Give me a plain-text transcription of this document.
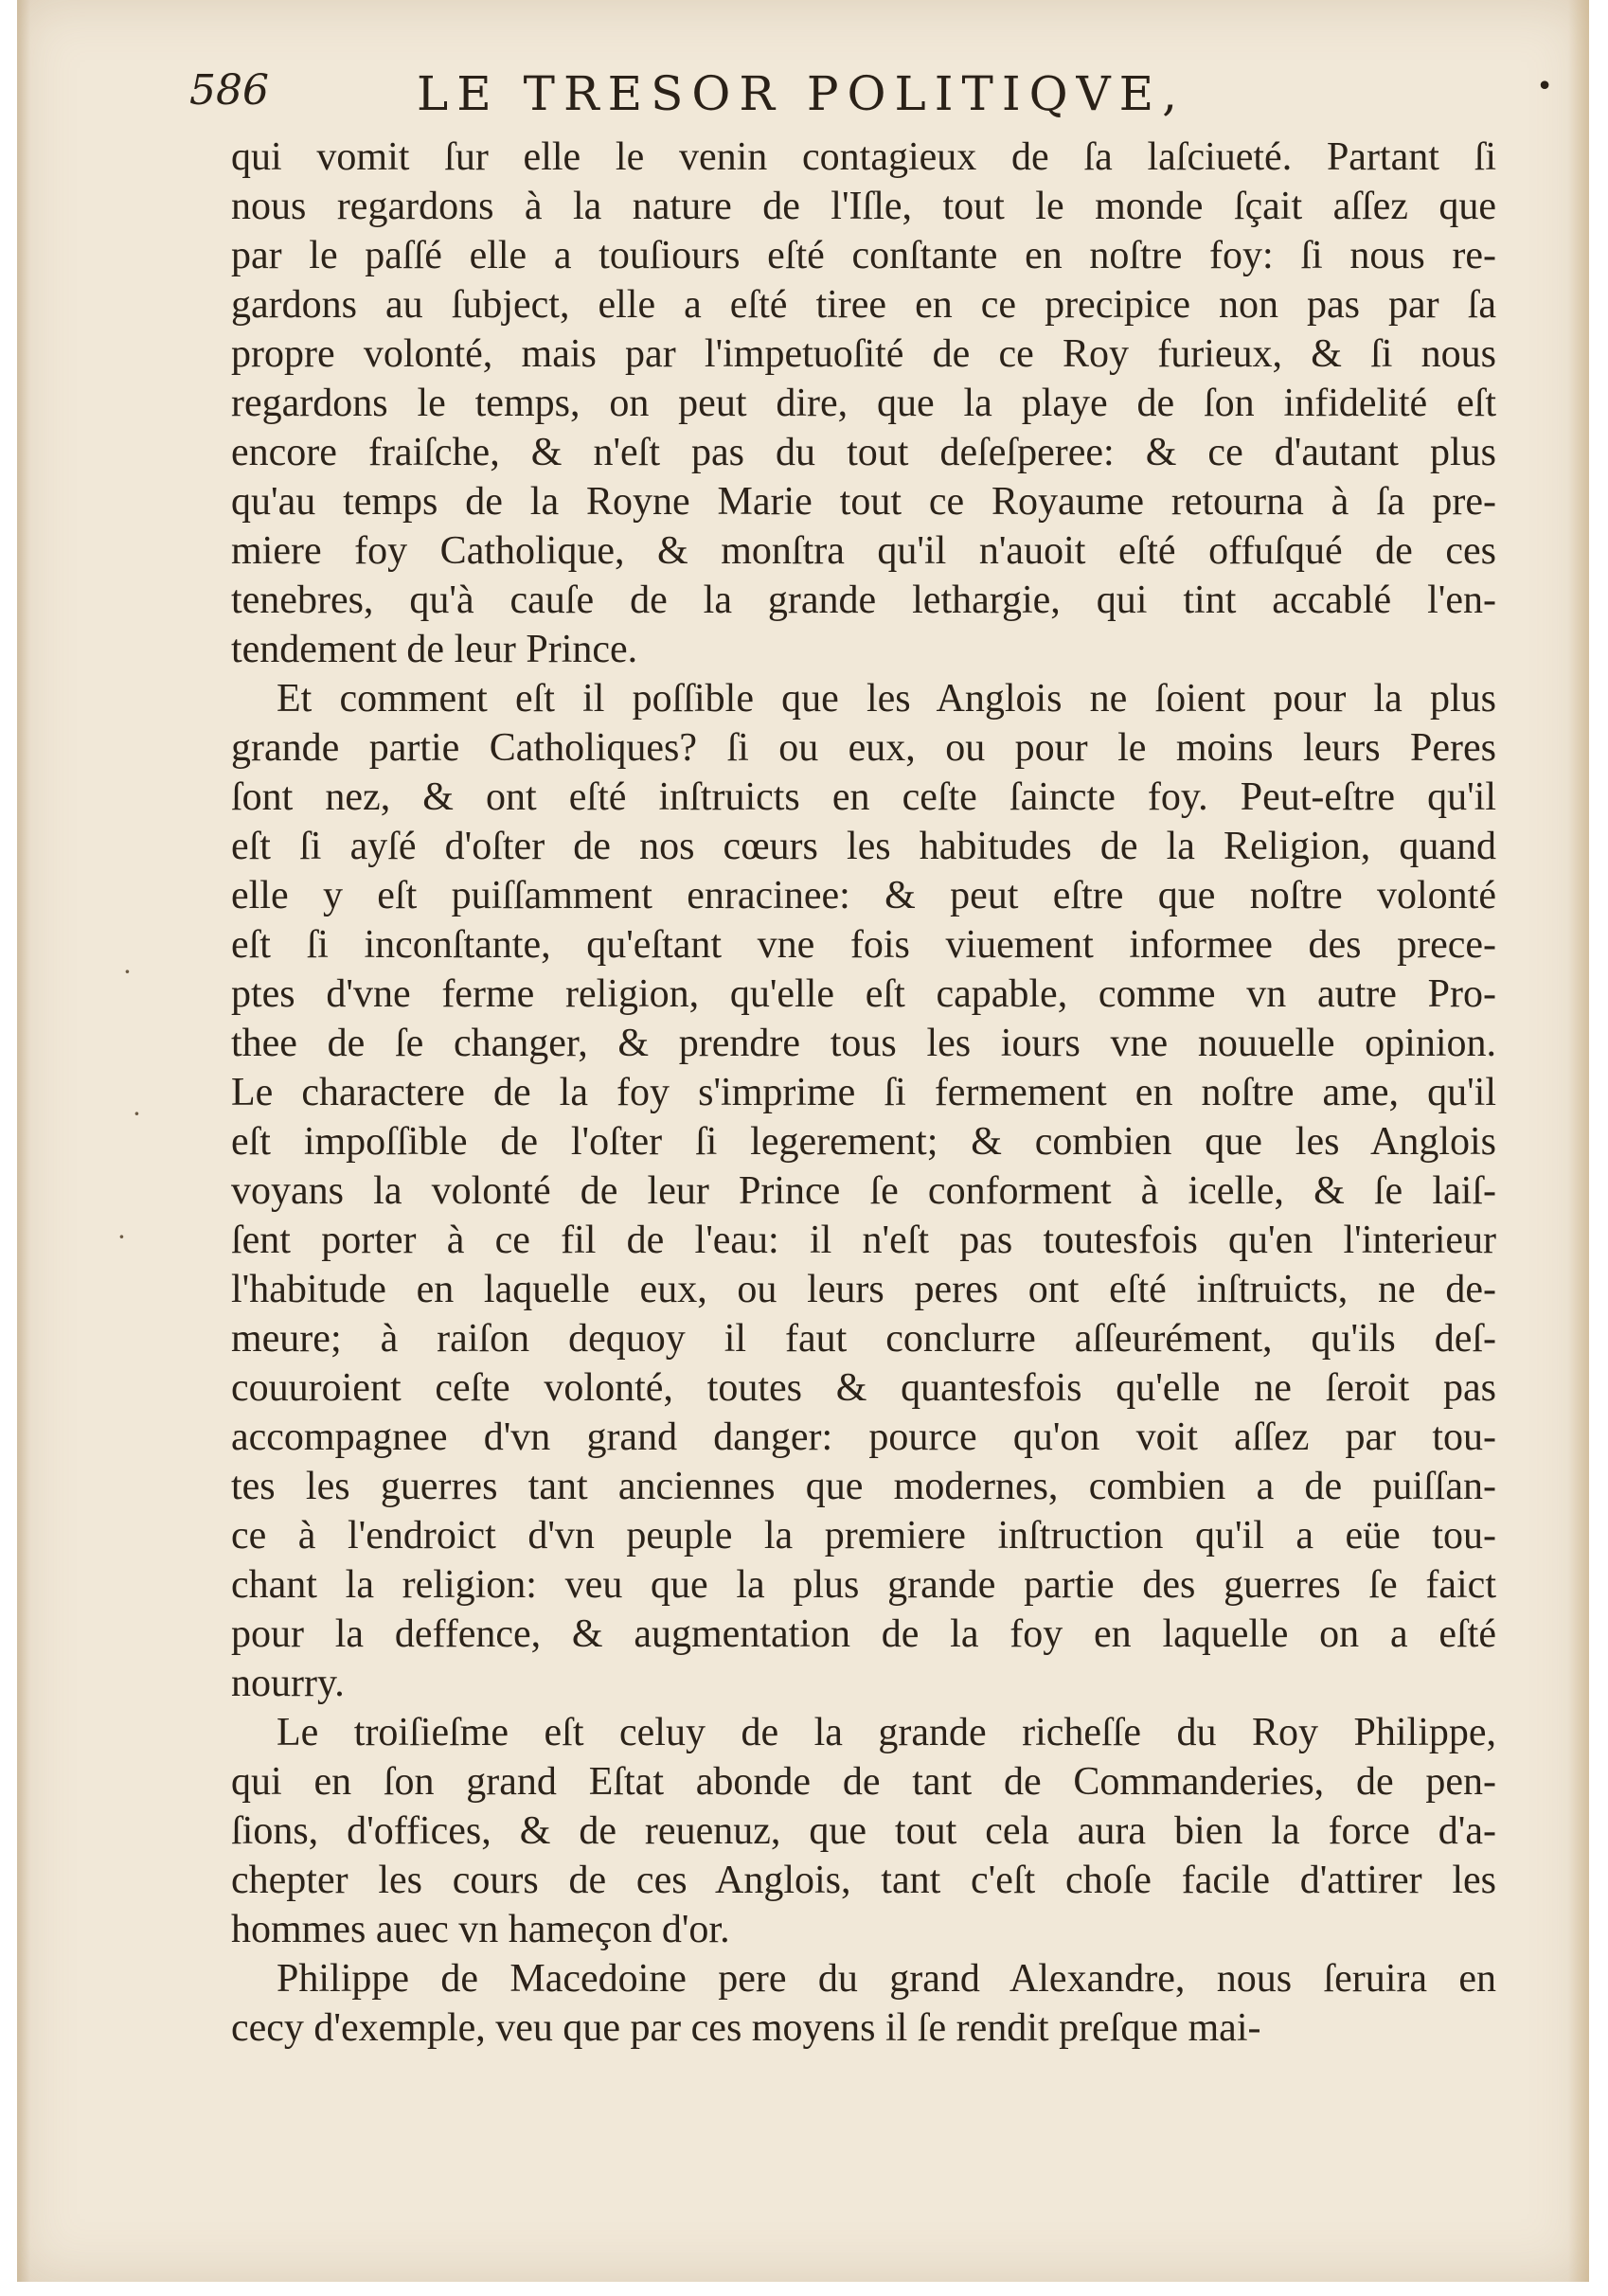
586	LE TRESOR POLITIQVE,	•
qui vomit ſur elle le venin contagieux de ſa laſciueté. Partant ſi
nous regardons à la nature de l'Iſle, tout le monde ſçait aſſez que
par le paſſé elle a touſiours eſté conſtante en noſtre foy: ſi nous re-
gardons au ſubject, elle a eſté tiree en ce precipice non pas par ſa
propre volonté, mais par l'impetuoſité de ce Roy furieux, & ſi nous
regardons le temps, on peut dire, que la playe de ſon infidelité eſt
encore fraiſche, & n'eſt pas du tout deſeſperee: & ce d'autant plus
qu'au temps de la Royne Marie tout ce Royaume retourna à ſa pre-
miere foy Catholique, & monſtra qu'il n'auoit eſté offuſqué de ces
tenebres, qu'à cauſe de la grande lethargie, qui tint accablé l'en-
tendement de leur Prince.
Et comment eſt il poſſible que les Anglois ne ſoient pour la plus
grande partie Catholiques? ſi ou eux, ou pour le moins leurs Peres
ſont nez, & ont eſté inſtruicts en ceſte ſaincte foy. Peut-eſtre qu'il
eſt ſi ayſé d'oſter de nos cœurs les habitudes de la Religion, quand
elle y eſt puiſſamment enracinee: & peut eſtre que noſtre volonté
eſt ſi inconſtante, qu'eſtant vne fois viuement informee des prece-
ptes d'vne ferme religion, qu'elle eſt capable, comme vn autre Pro-
thee de ſe changer, & prendre tous les iours vne nouuelle opinion.
Le charactere de la foy s'imprime ſi fermement en noſtre ame, qu'il
eſt impoſſible de l'oſter ſi legerement; & combien que les Anglois
voyans la volonté de leur Prince ſe conforment à icelle, & ſe laiſ-
ſent porter à ce fil de l'eau: il n'eſt pas toutesfois qu'en l'interieur
l'habitude en laquelle eux, ou leurs peres ont eſté inſtruicts, ne de-
meure; à raiſon dequoy il faut conclurre aſſeurément, qu'ils deſ-
couuroient ceſte volonté, toutes & quantesfois qu'elle ne ſeroit pas
accompagnee d'vn grand danger: pource qu'on voit aſſez par tou-
tes les guerres tant anciennes que modernes, combien a de puiſſan-
ce à l'endroict d'vn peuple la premiere inſtruction qu'il a eüe tou-
chant la religion: veu que la plus grande partie des guerres ſe faict
pour la deffence, & augmentation de la foy en laquelle on a eſté
nourry.
Le troiſieſme eſt celuy de la grande richeſſe du Roy Philippe,
qui en ſon grand Eſtat abonde de tant de Commanderies, de pen-
ſions, d'offices, & de reuenuz, que tout cela aura bien la force d'a-
chepter les cours de ces Anglois, tant c'eſt choſe facile d'attirer les
hommes auec vn hameçon d'or.
Philippe de Macedoine pere du grand Alexandre, nous ſeruira en
cecy d'exemple, veu que par ces moyens il ſe rendit preſque mai-
·
·
·
